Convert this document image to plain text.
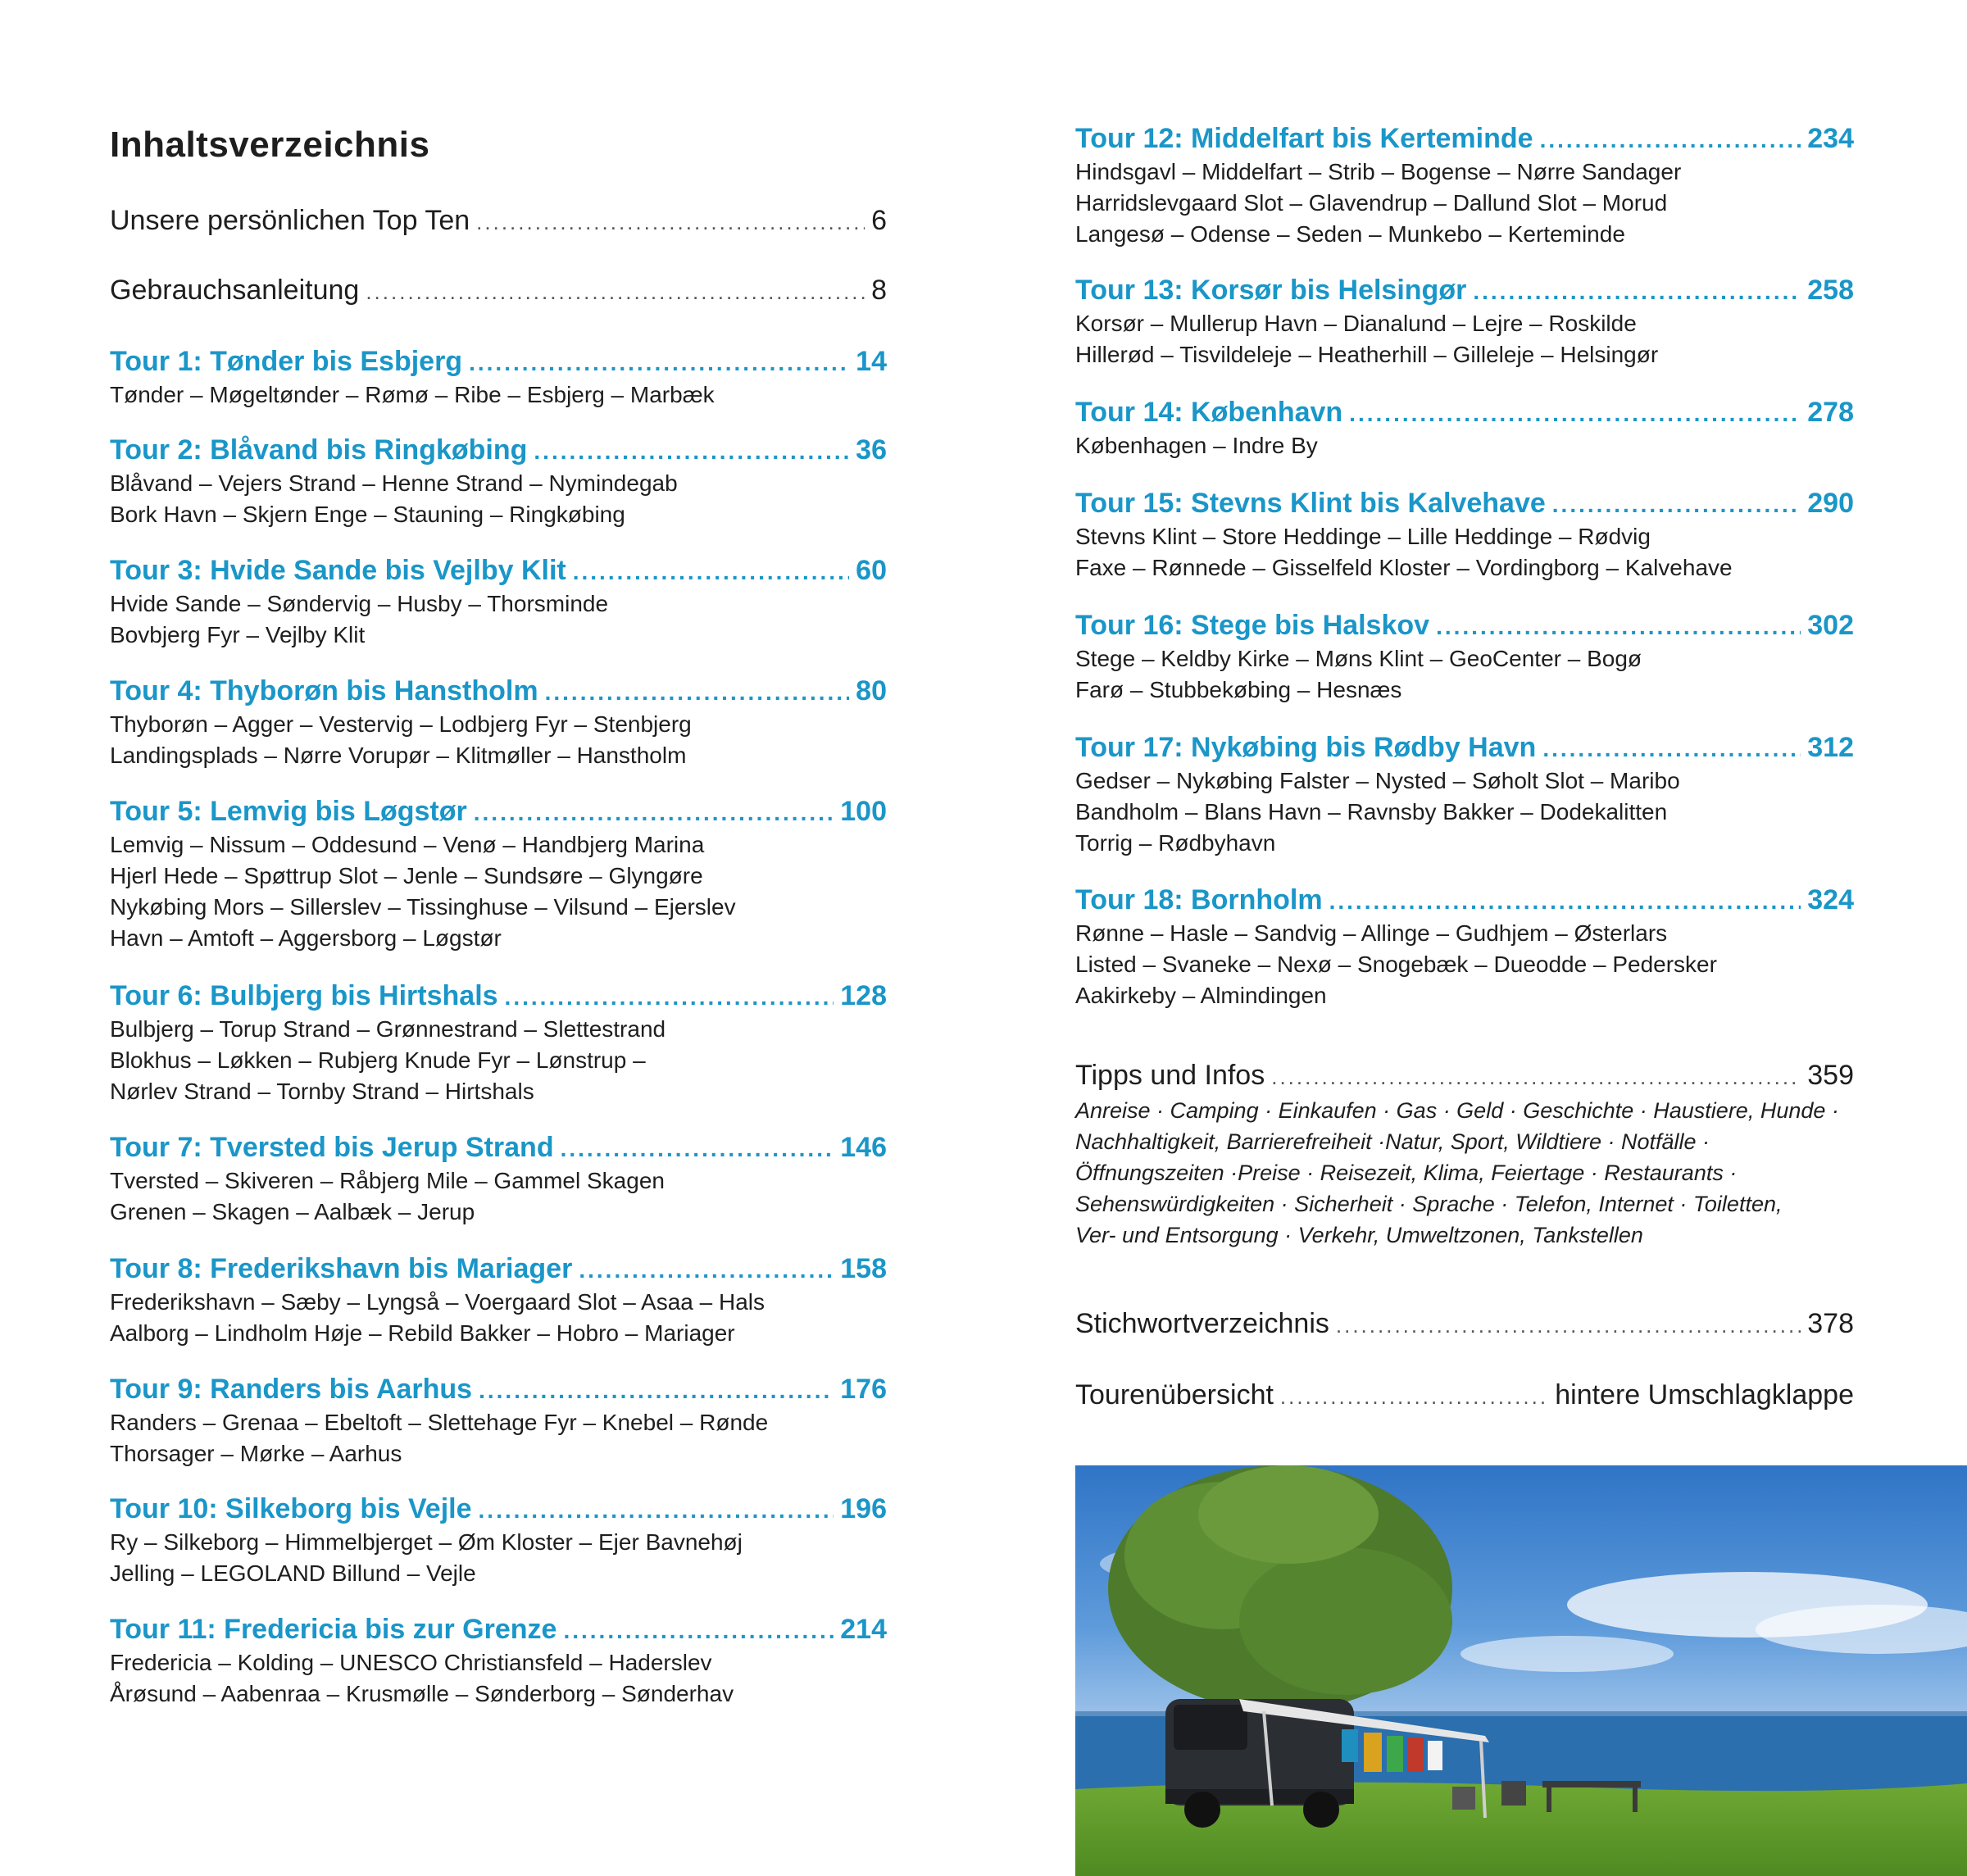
Inhaltsverzeichnis
Unsere persönlichen Top Ten .....	6
Gebrauchsanleitung .....	8
Tour 1: Tønder bis Esbjerg .....	14
Tønder – Møgeltønder – Rømø – Ribe – Esbjerg – Marbæk
Tour 2: Blåvand bis Ringkøbing .....	36
Blåvand – Vejers Strand – Henne Strand – Nymindegab
Bork Havn – Skjern Enge – Stauning – Ringkøbing
Tour 3: Hvide Sande bis Vejlby Klit .....	60
Hvide Sande – Søndervig – Husby – Thorsminde
Bovbjerg Fyr – Vejlby Klit
Tour 4: Thyborøn bis Hanstholm .....	80
Thyborøn – Agger – Vestervig – Lodbjerg Fyr – Stenbjerg
Landingsplads – Nørre Vorupør – Klitmøller – Hanstholm
Tour 5: Lemvig bis Løgstør .....	100
Lemvig – Nissum – Oddesund – Venø – Handbjerg Marina
Hjerl Hede – Spøttrup Slot – Jenle – Sundsøre – Glyngøre
Nykøbing Mors – Sillerslev – Tissinghuse – Vilsund – Ejerslev
Havn – Amtoft – Aggersborg – Løgstør
Tour 6: Bulbjerg bis Hirtshals .....	128
Bulbjerg – Torup Strand – Grønnestrand – Slettestrand
Blokhus – Løkken – Rubjerg Knude Fyr – Lønstrup –
Nørlev Strand – Tornby Strand – Hirtshals
Tour 7: Tversted bis Jerup Strand .....	146
Tversted – Skiveren – Råbjerg Mile – Gammel Skagen
Grenen – Skagen – Aalbæk – Jerup
Tour 8: Frederikshavn bis Mariager .....	158
Frederikshavn – Sæby – Lyngså – Voergaard Slot – Asaa – Hals
Aalborg – Lindholm Høje – Rebild Bakker – Hobro – Mariager
Tour 9: Randers bis Aarhus .....	176
Randers – Grenaa – Ebeltoft – Slettehage Fyr – Knebel – Rønde
Thorsager – Mørke – Aarhus
Tour 10: Silkeborg bis Vejle .....	196
Ry – Silkeborg – Himmelbjerget – Øm Kloster – Ejer Bavnehøj
Jelling – LEGOLAND Billund – Vejle
Tour 11: Fredericia bis zur Grenze .....	214
Fredericia – Kolding – UNESCO Christiansfeld – Haderslev
Årøsund – Aabenraa – Krusmølle – Sønderborg – Sønderhav
Tour 12: Middelfart bis Kerteminde .....	234
Hindsgavl – Middelfart – Strib – Bogense – Nørre Sandager
Harridslevgaard Slot – Glavendrup – Dallund Slot – Morud
Langesø – Odense – Seden – Munkebo – Kerteminde
Tour 13: Korsør bis Helsingør .....	258
Korsør – Mullerup Havn – Dianalund – Lejre – Roskilde
Hillerød – Tisvildeleje – Heatherhill – Gilleleje – Helsingør
Tour 14: København .....	278
Københagen – Indre By
Tour 15: Stevns Klint bis Kalvehave .....	290
Stevns Klint – Store Heddinge – Lille Heddinge – Rødvig
Faxe – Rønnede – Gisselfeld Kloster – Vordingborg – Kalvehave
Tour 16: Stege bis Halskov .....	302
Stege – Keldby Kirke – Møns Klint – GeoCenter – Bogø
Farø – Stubbekøbing – Hesnæs
Tour 17: Nykøbing bis Rødby Havn .....	312
Gedser – Nykøbing Falster – Nysted – Søholt Slot – Maribo
Bandholm – Blans Havn – Ravnsby Bakker – Dodekalitten
Torrig – Rødbyhavn
Tour 18: Bornholm .....	324
Rønne – Hasle – Sandvig – Allinge – Gudhjem – Østerlars
Listed – Svaneke – Nexø – Snogebæk – Dueodde – Pedersker
Aakirkeby – Almindingen
Tipps und Infos .....	359
Anreise · Camping · Einkaufen · Gas · Geld · Geschichte · Haustiere, Hunde ·
Nachhaltigkeit, Barrierefreiheit ·Natur, Sport, Wildtiere · Notfälle ·
Öffnungszeiten ·Preise · Reisezeit, Klima, Feiertage · Restaurants ·
Sehenswürdigkeiten · Sicherheit · Sprache · Telefon, Internet · Toiletten,
Ver- und Entsorgung · Verkehr, Umweltzonen, Tankstellen
Stichwortverzeichnis .....	378
Tourenübersicht .....	hintere Umschlagklappe
